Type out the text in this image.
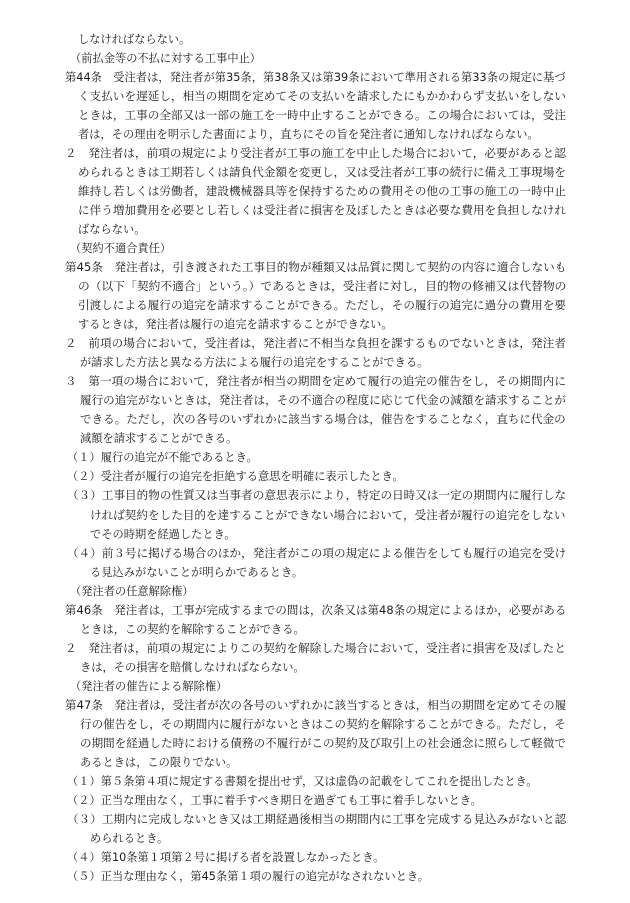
しなければならない。
（前払金等の不払に対する工事中止）
第44条　受注者は，発注者が第35条，第38条又は第39条において準用される第33条の規定に基づ
く支払いを遅延し，相当の期間を定めてその支払いを請求したにもかかわらず支払いをしない
ときは，工事の全部又は一部の施工を一時中止することができる。この場合においては，受注
者は，その理由を明示した書面により，直ちにその旨を発注者に通知しなければならない。
２　発注者は，前項の規定により受注者が工事の施工を中止した場合において，必要があると認
められるときは工期若しくは請負代金額を変更し，又は受注者が工事の続行に備え工事現場を
維持し若しくは労働者，建設機械器具等を保持するための費用その他の工事の施工の一時中止
に伴う増加費用を必要とし若しくは受注者に損害を及ぼしたときは必要な費用を負担しなけれ
ばならない。
（契約不適合責任）
第45条　発注者は，引き渡された工事目的物が種類又は品質に関して契約の内容に適合しないも
の（以下「契約不適合」という。）であるときは，受注者に対し，目的物の修補又は代替物の
引渡しによる履行の追完を請求することができる。ただし，その履行の追完に過分の費用を要
するときは，発注者は履行の追完を請求することができない。
２　前項の場合において，受注者は，発注者に不相当な負担を課するものでないときは，発注者
が請求した方法と異なる方法による履行の追完をすることができる。
３　第一項の場合において，発注者が相当の期間を定めて履行の追完の催告をし，その期間内に
履行の追完がないときは，発注者は，その不適合の程度に応じて代金の減額を請求することが
できる。ただし，次の各号のいずれかに該当する場合は，催告をすることなく，直ちに代金の
減額を請求することができる。
（１）履行の追完が不能であるとき。
（２）受注者が履行の追完を拒絶する意思を明確に表示したとき。
（３）工事目的物の性質又は当事者の意思表示により，特定の日時又は一定の期間内に履行しな
ければ契約をした目的を達することができない場合において，受注者が履行の追完をしない
でその時期を経過したとき。
（４）前３号に掲げる場合のほか，発注者がこの項の規定による催告をしても履行の追完を受け
る見込みがないことが明らかであるとき。
（発注者の任意解除権）
第46条　発注者は，工事が完成するまでの間は，次条又は第48条の規定によるほか，必要がある
ときは，この契約を解除することができる。
２　発注者は，前項の規定によりこの契約を解除した場合において，受注者に損害を及ぼしたと
きは，その損害を賠償しなければならない。
（発注者の催告による解除権）
第47条　発注者は，受注者が次の各号のいずれかに該当するときは，相当の期間を定めてその履
行の催告をし，その期間内に履行がないときはこの契約を解除することができる。ただし，そ
の期間を経過した時における債務の不履行がこの契約及び取引上の社会通念に照らして軽微で
あるときは，この限りでない。
（１）第５条第４項に規定する書類を提出せず，又は虚偽の記載をしてこれを提出したとき。
（２）正当な理由なく，工事に着手すべき期日を過ぎても工事に着手しないとき。
（３）工期内に完成しないとき又は工期経過後相当の期間内に工事を完成する見込みがないと認
められるとき。
（４）第10条第１項第２号に掲げる者を設置しなかったとき。
（５）正当な理由なく，第45条第１項の履行の追完がなされないとき。
